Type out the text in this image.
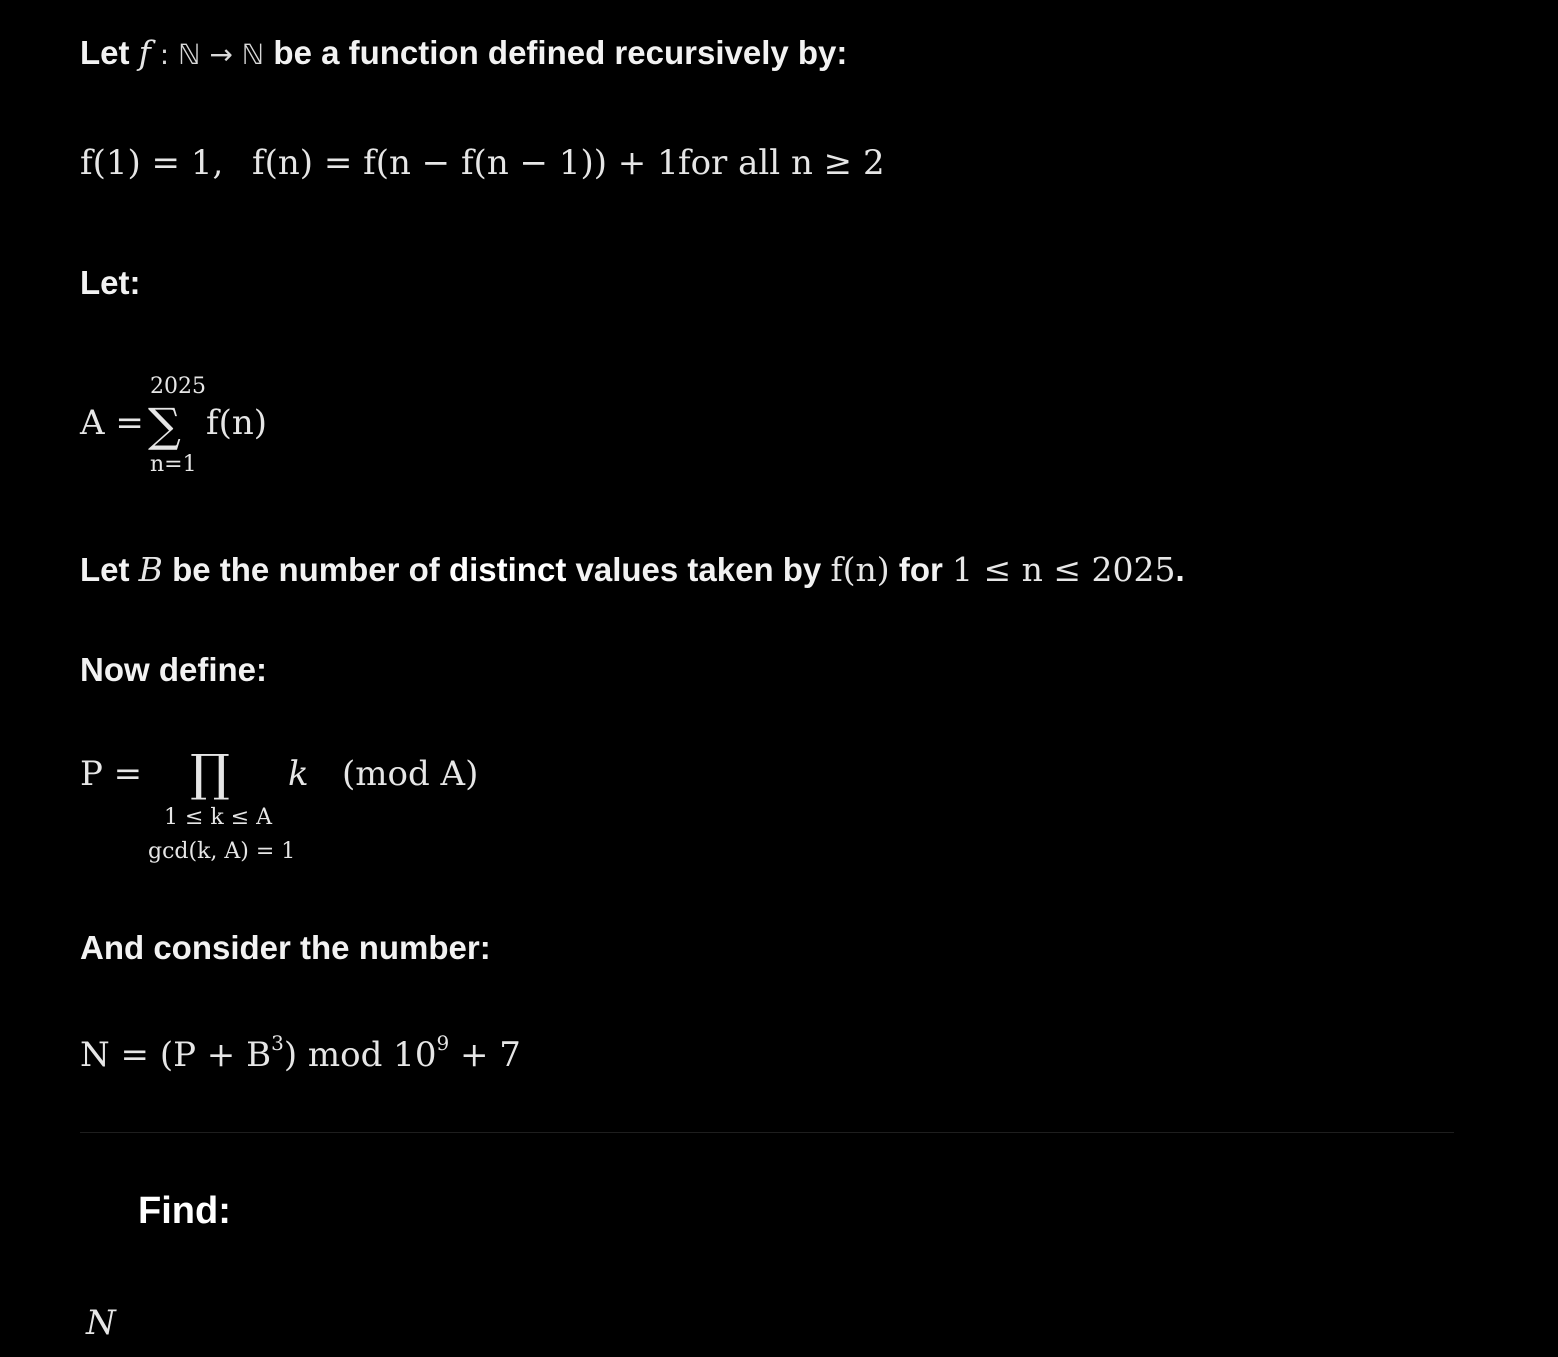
Let f : ℕ → ℕ be a function defined recursively by:
f(1) = 1, f(n) = f(n − f(n − 1)) + 1 for all n ≥ 2
Let:
A =
2025
∑
n=1
f(n)
Let B be the number of distinct values taken by f(n) for 1 ≤ n ≤ 2025.
Now define:
P = ∏ k (mod A)
1 ≤ k ≤ A
gcd(k, A) = 1
And consider the number:
$N = (P + B^3)$ mod $10^9 + 7$
Find:
N
